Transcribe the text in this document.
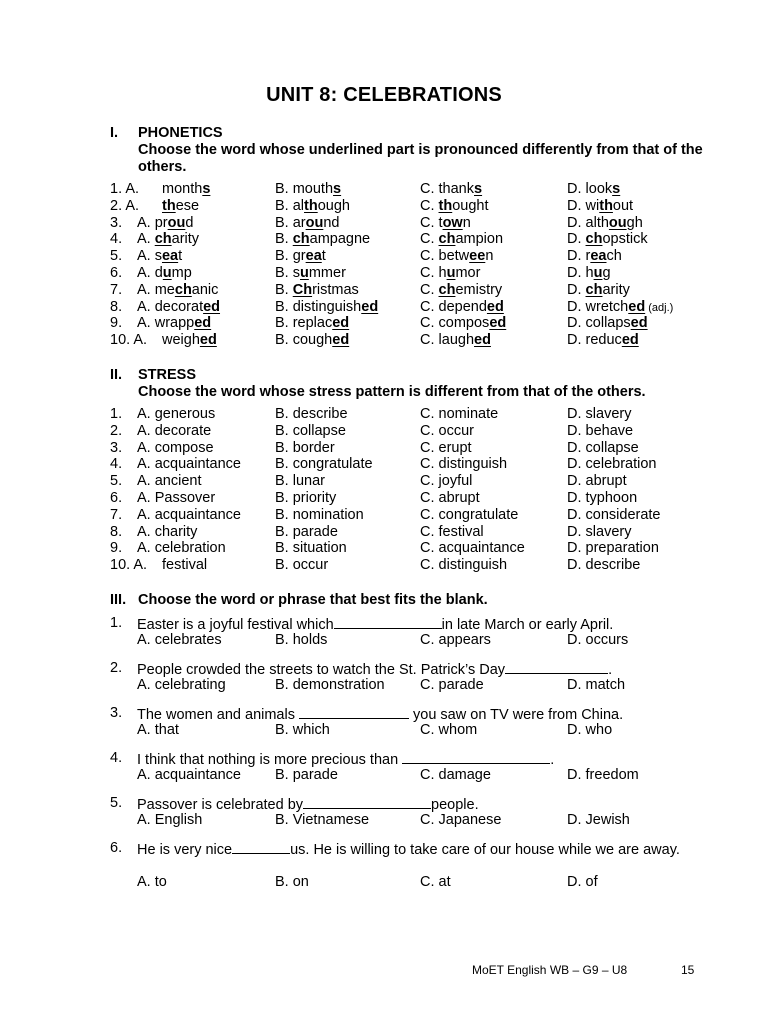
UNIT 8: CELEBRATIONS
I. PHONETICS
Choose the word whose underlined part is pronounced differently from that of the others.
1. A. months	B. mouths	C. thanks	D. looks
2. A. these	B. although	C. thought	D. without
3. A. proud	B. around	C. town	D. although
4. A. charity	B. champagne	C. champion	D. chopstick
5. A. seat	B. great	C. between	D. reach
6. A. dump	B. summer	C. humor	D. hug
7. A. mechanic	B. Christmas	C. chemistry	D. charity
8. A. decorated	B. distinguished	C. depended	D. wretched (adj.)
9. A. wrapped	B. replaced	C. composed	D. collapsed
10. A. weighed	B. coughed	C. laughed	D. reduced
II. STRESS
Choose the word whose stress pattern is different from that of the others.
1. A. generous	B. describe	C. nominate	D. slavery
2. A. decorate	B. collapse	C. occur	D. behave
3. A. compose	B. border	C. erupt	D. collapse
4. A. acquaintance B. congratulate	C. distinguish	D. celebration
5. A. ancient	B. lunar	C. joyful	D. abrupt
6. A. Passover	B. priority	C. abrupt	D. typhoon
7. A. acquaintance B. nomination	C. congratulate	D. considerate
8. A. charity	B. parade	C. festival	D. slavery
9. A. celebration	B. situation	C. acquaintance	D. preparation
10. A. festival	B. occur	C. distinguish	D. describe
III. Choose the word or phrase that best fits the blank.
1. Easter is a joyful festival which	in late March or early April.
A. celebrates	B. holds	C. appears	D. occurs
2. People crowded the streets to watch the St. Patrick’s Day	.
A. celebrating	B. demonstration C. parade	D. match
3. The women and animals	you saw on TV were from China.
A. that	B. which	C. whom	D. who
4. I think that nothing is more precious than	.
A. acquaintance B. parade	C. damage	D. freedom
5. Passover is celebrated by	people.
A. English	B. Vietnamese	C. Japanese	D. Jewish
6. He is very nice	us. He is willing to take care of our house while we are away.
A. to	B. on	C. at	D. of
MoET English WB – G9 – U8	15
